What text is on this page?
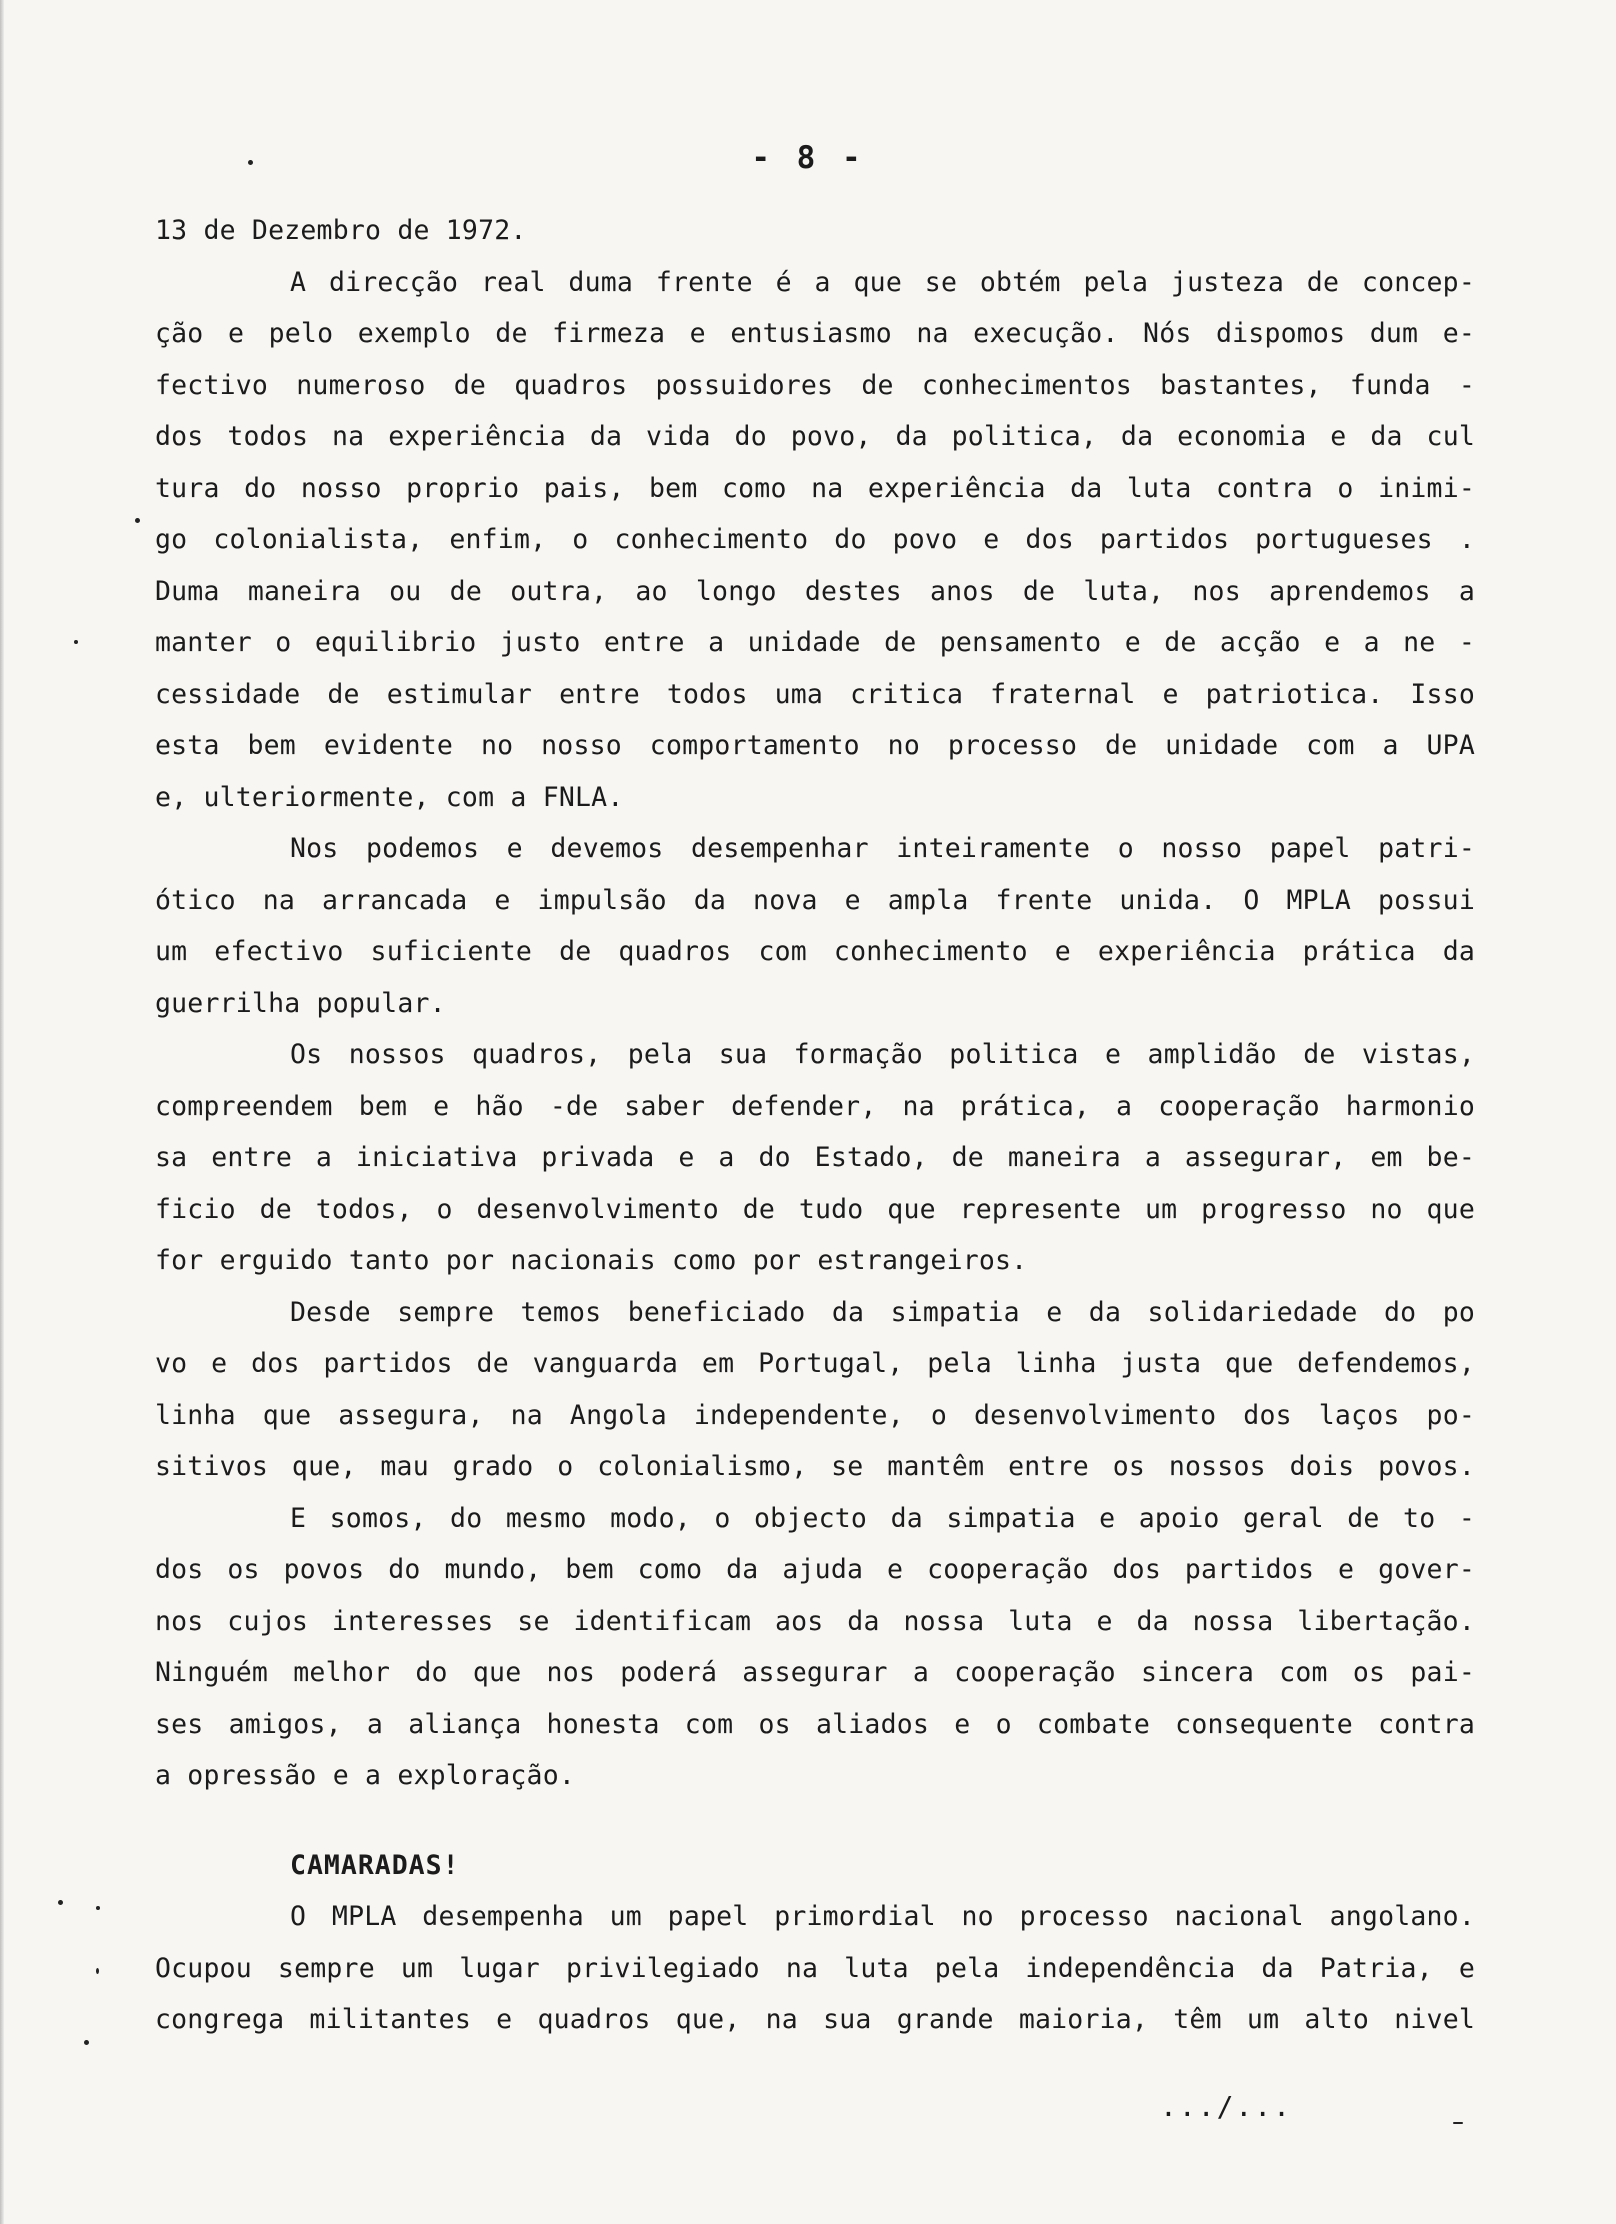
- 8 -
13 de Dezembro de 1972.
A direcção real duma frente é a que se obtém pela justeza de concep-
ção e pelo exemplo de firmeza e entusiasmo na execução. Nós dispomos dum e-
fectivo numeroso de quadros possuidores de conhecimentos bastantes, funda -
dos todos na experiência da vida do povo, da politica, da economia e da cul
tura do nosso proprio pais, bem como na experiência da luta contra o inimi-
go colonialista, enfim, o conhecimento do povo e dos partidos portugueses .
Duma maneira ou de outra, ao longo destes anos de luta, nos aprendemos a
manter o equilibrio justo entre a unidade de pensamento e de acção e a ne -
cessidade de estimular entre todos uma critica fraternal e patriotica. Isso
esta bem evidente no nosso comportamento no processo de unidade com a UPA
e, ulteriormente, com a FNLA.
Nos podemos e devemos desempenhar inteiramente o nosso papel patri-
ótico na arrancada e impulsão da nova e ampla frente unida. O MPLA possui
um efectivo suficiente de quadros com conhecimento e experiência prática da
guerrilha popular.
Os nossos quadros, pela sua formação politica e amplidão de vistas,
compreendem bem e hão -de saber defender, na prática, a cooperação harmonio
sa entre a iniciativa privada e a do Estado, de maneira a assegurar, em be-
ficio de todos, o desenvolvimento de tudo que represente um progresso no que
for erguido tanto por nacionais como por estrangeiros.
Desde sempre temos beneficiado da simpatia e da solidariedade do po
vo e dos partidos de vanguarda em Portugal, pela linha justa que defendemos,
linha que assegura, na Angola independente, o desenvolvimento dos laços po-
sitivos que, mau grado o colonialismo, se mantêm entre os nossos dois povos.
E somos, do mesmo modo, o objecto da simpatia e apoio geral de to -
dos os povos do mundo, bem como da ajuda e cooperação dos partidos e gover-
nos cujos interesses se identificam aos da nossa luta e da nossa libertação.
Ninguém melhor do que nos poderá assegurar a cooperação sincera com os pai-
ses amigos, a aliança honesta com os aliados e o combate consequente contra
a opressão e a exploração.
CAMARADAS!
O MPLA desempenha um papel primordial no processo nacional angolano.
Ocupou sempre um lugar privilegiado na luta pela independência da Patria, e
congrega militantes e quadros que, na sua grande maioria, têm um alto nivel
.../...
